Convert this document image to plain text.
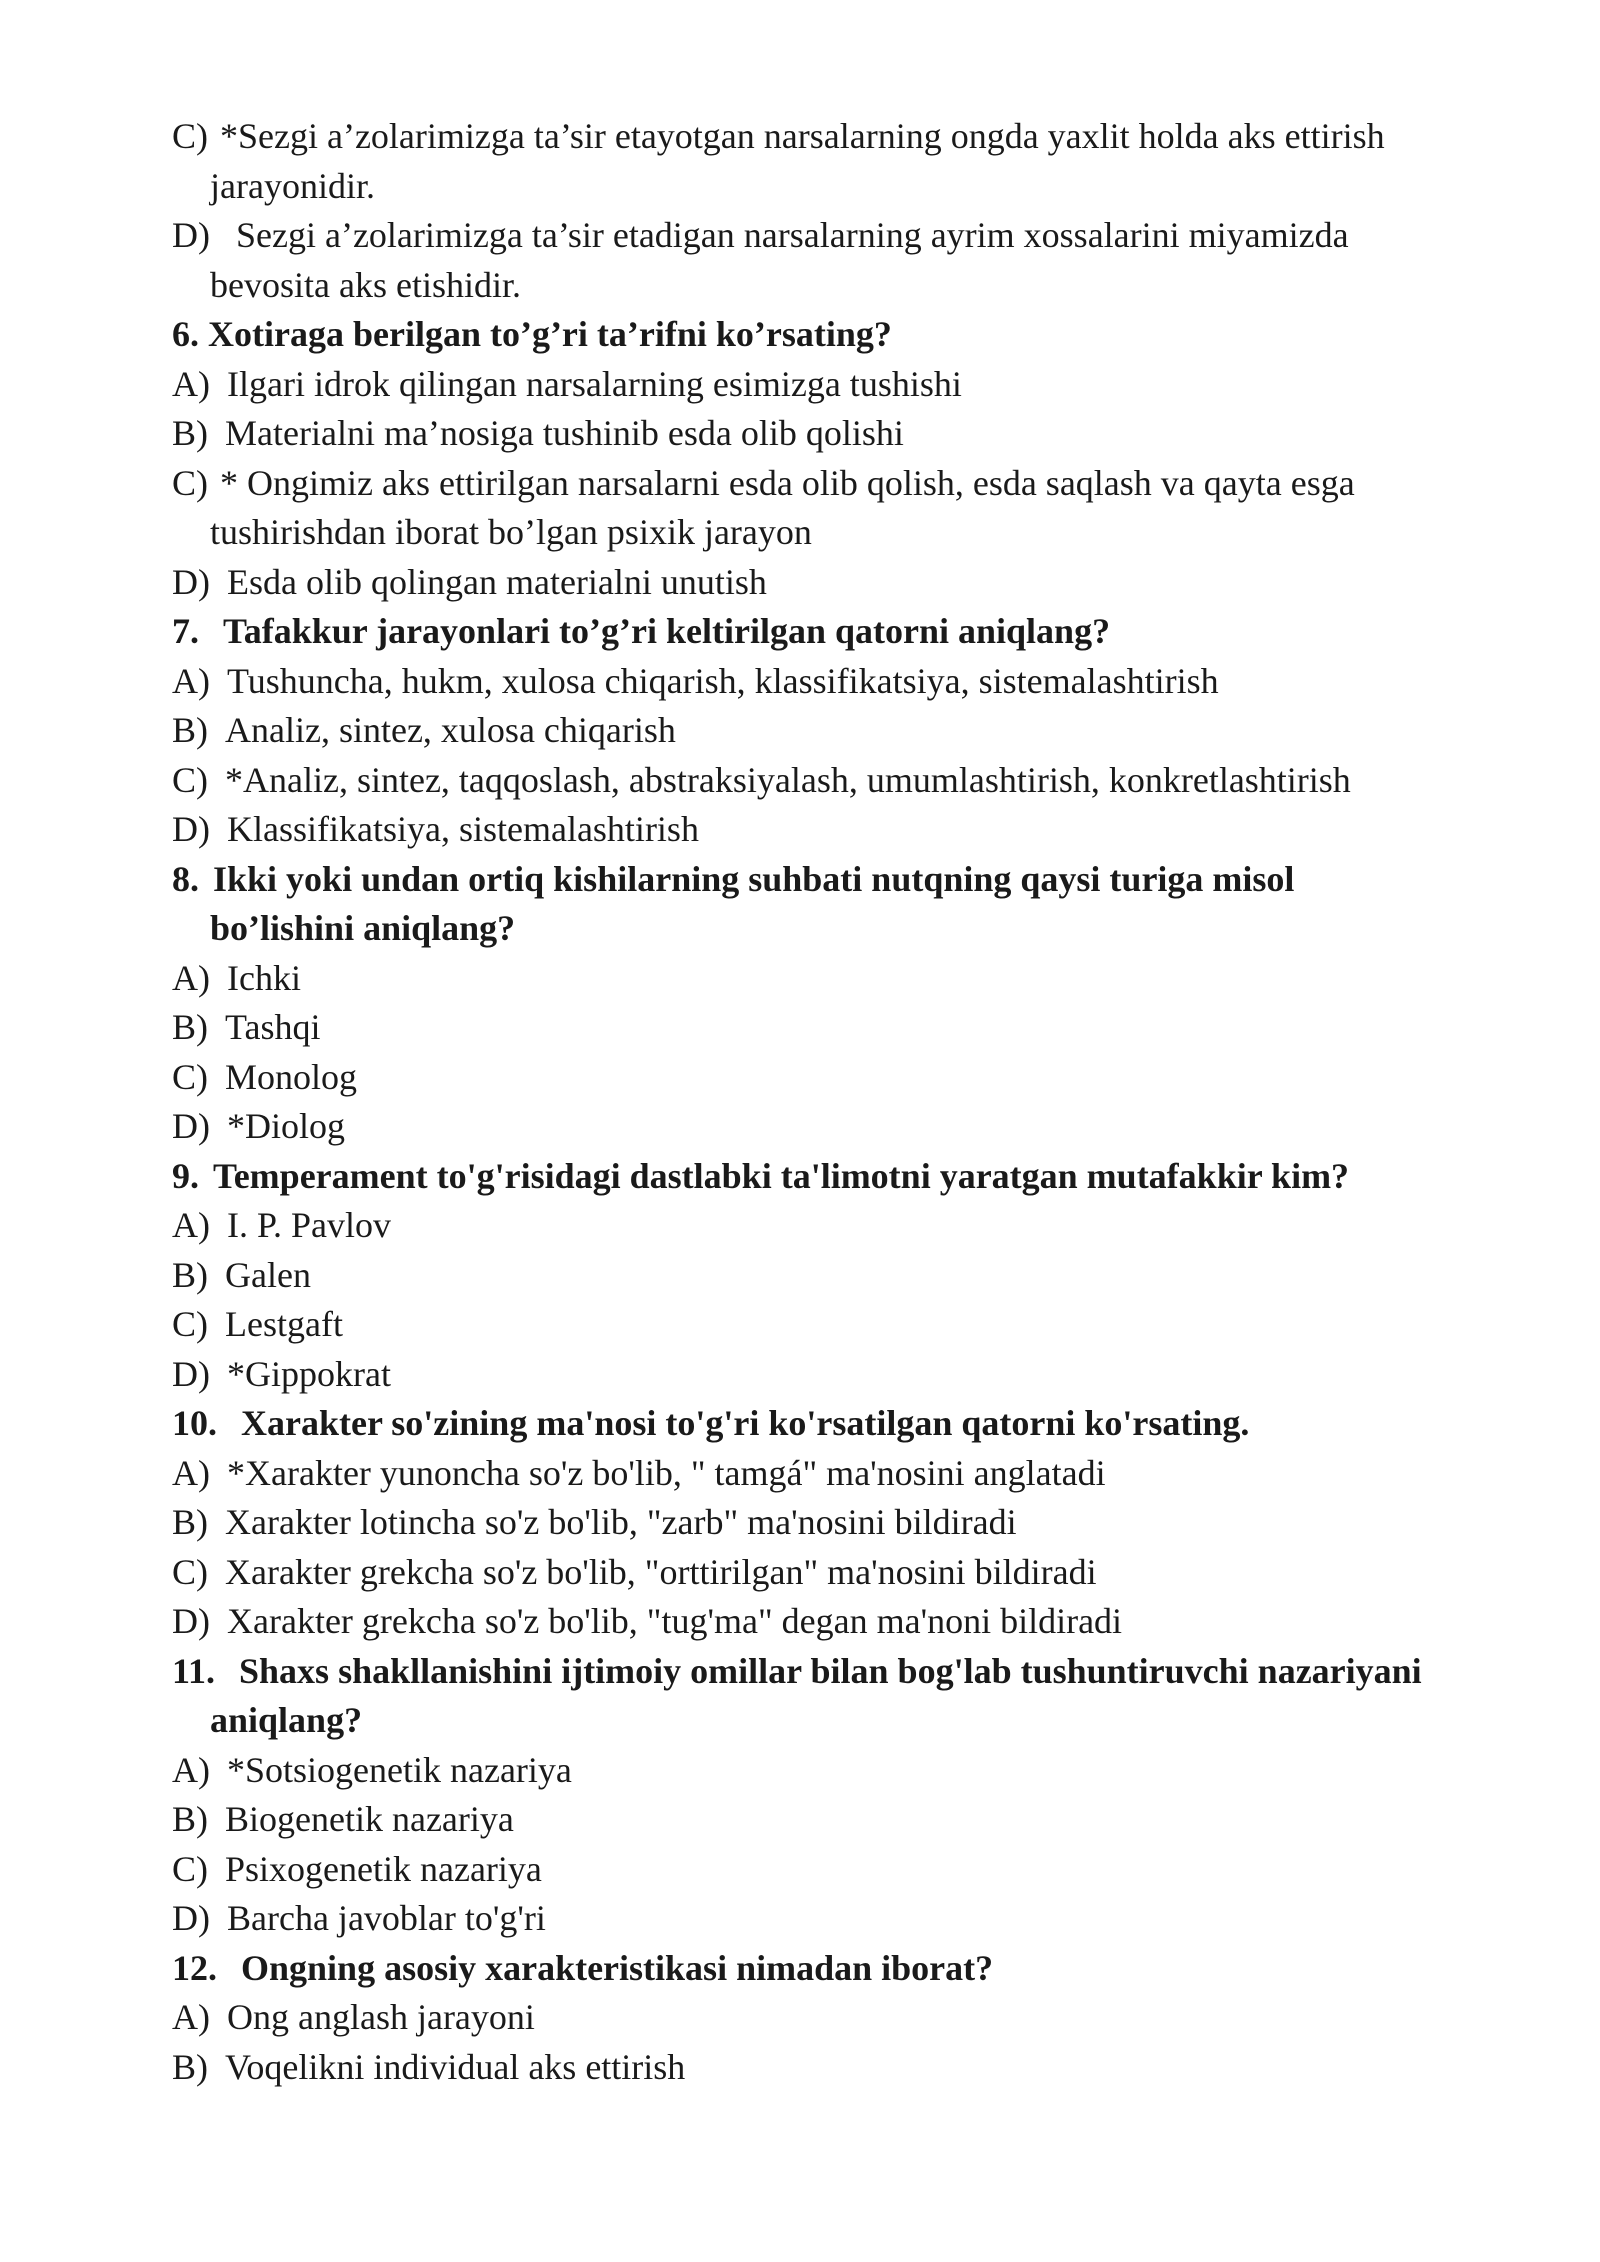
C) *Sezgi a’zolarimizga ta’sir etayotgan narsalarning ongda yaxlit holda aks ettirish
jarayonidir.
D) Sezgi a’zolarimizga ta’sir etadigan narsalarning ayrim xossalarini miyamizda
bevosita aks etishidir.
6. Xotiraga berilgan to’g’ri ta’rifni ko’rsating?
A) Ilgari idrok qilingan narsalarning esimizga tushishi
B) Materialni ma’nosiga tushinib esda olib qolishi
C) * Ongimiz aks ettirilgan narsalarni esda olib qolish, esda saqlash va qayta esga
tushirishdan iborat bo’lgan psixik jarayon
D) Esda olib qolingan materialni unutish
7. Tafakkur jarayonlari to’g’ri keltirilgan qatorni aniqlang?
A) Tushuncha, hukm, xulosa chiqarish, klassifikatsiya, sistemalashtirish
B) Analiz, sintez, xulosa chiqarish
C) *Analiz, sintez, taqqoslash, abstraksiyalash, umumlashtirish, konkretlashtirish
D) Klassifikatsiya, sistemalashtirish
8. Ikki yoki undan ortiq kishilarning suhbati nutqning qaysi turiga misol
bo’lishini aniqlang?
A) Ichki
B) Tashqi
C) Monolog
D) *Diolog
9. Temperament to'g'risidagi dastlabki ta'limotni yaratgan mutafakkir kim?
A) I. P. Pavlov
B) Galen
C) Lestgaft
D) *Gippokrat
10. Xarakter so'zining ma'nosi to'g'ri ko'rsatilgan qatorni ko'rsating.
A) *Xarakter yunoncha so'z bo'lib, " tamgá" ma'nosini anglatadi
B) Xarakter lotincha so'z bo'lib, "zarb" ma'nosini bildiradi
C) Xarakter grekcha so'z bo'lib, "orttirilgan" ma'nosini bildiradi
D) Xarakter grekcha so'z bo'lib, "tug'ma" degan ma'noni bildiradi
11. Shaxs shakllanishini ijtimoiy omillar bilan bog'lab tushuntiruvchi nazariyani
aniqlang?
A) *Sotsiogenetik nazariya
B) Biogenetik nazariya
C) Psixogenetik nazariya
D) Barcha javoblar to'g'ri
12. Ongning asosiy xarakteristikasi nimadan iborat?
A) Ong anglash jarayoni
B) Voqelikni individual aks ettirish
